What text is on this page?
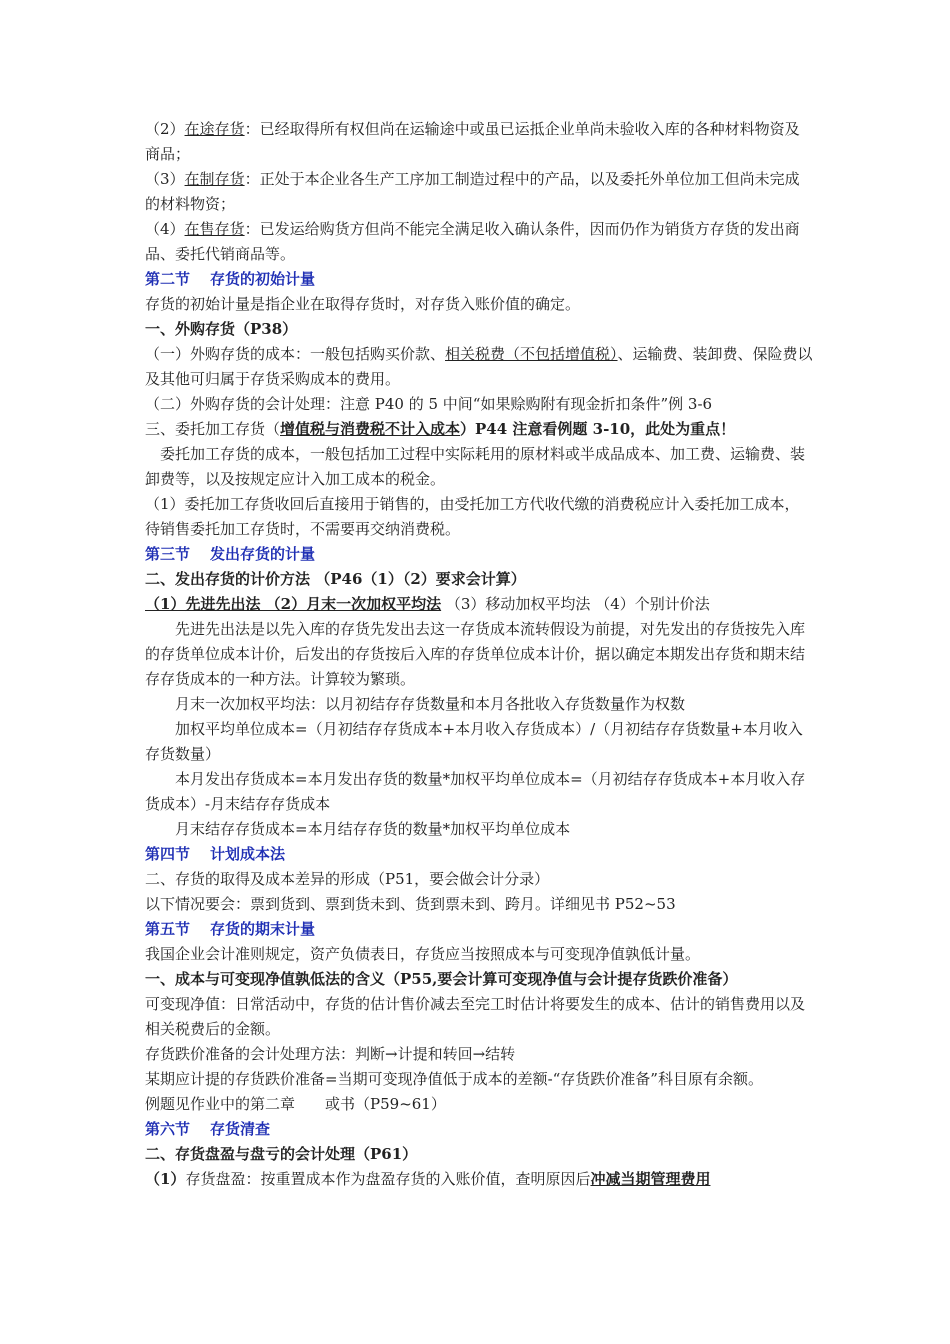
（2）在途存货：已经取得所有权但尚在运输途中或虽已运抵企业单尚未验收入库的各种材料物资及商品；

（3）在制存货：正处于本企业各生产工序加工制造过程中的产品，以及委托外单位加工但尚未完成的材料物资；

（4）在售存货：已发运给购货方但尚不能完全满足收入确认条件，因而仍作为销货方存货的发出商品、委托代销商品等。

第二节 存货的初始计量

存货的初始计量是指企业在取得存货时，对存货入账价值的确定。

一、外购存货（P38）

（一）外购存货的成本：一般包括购买价款、相关税费（不包括增值税）、运输费、装卸费、保险费以及其他可归属于存货采购成本的费用。

（二）外购存货的会计处理：注意 P40 的 5 中间“如果赊购附有现金折扣条件”例 3-6

三、委托加工存货（增值税与消费税不计入成本）P44 注意看例题 3-10，此处为重点！

委托加工存货的成本，一般包括加工过程中实际耗用的原材料或半成品成本、加工费、运输费、装卸费等，以及按规定应计入加工成本的税金。

（1）委托加工存货收回后直接用于销售的，由受托加工方代收代缴的消费税应计入委托加工成本，待销售委托加工存货时，不需要再交纳消费税。

第三节 发出存货的计量

二、发出存货的计价方法 （P46（1）（2）要求会计算）

（1）先进先出法 （2）月末一次加权平均法 （3）移动加权平均法 （4）个别计价法

先进先出法是以先入库的存货先发出去这一存货成本流转假设为前提，对先发出的存货按先入库的存货单位成本计价，后发出的存货按后入库的存货单位成本计价，据以确定本期发出存货和期末结存存货成本的一种方法。计算较为繁琐。

月末一次加权平均法：以月初结存存货数量和本月各批收入存货数量作为权数

加权平均单位成本=（月初结存存货成本+本月收入存货成本）/（月初结存存货数量+本月收入存货数量）

本月发出存货成本=本月发出存货的数量*加权平均单位成本=（月初结存存货成本+本月收入存货成本）-月末结存存货成本

月末结存存货成本=本月结存存货的数量*加权平均单位成本

第四节 计划成本法

二、存货的取得及成本差异的形成（P51，要会做会计分录）

以下情况要会：票到货到、票到货未到、货到票未到、跨月。详细见书 P52~53

第五节 存货的期末计量

我国企业会计准则规定，资产负债表日，存货应当按照成本与可变现净值孰低计量。

一、成本与可变现净值孰低法的含义（P55,要会计算可变现净值与会计提存货跌价准备）

可变现净值：日常活动中，存货的估计售价减去至完工时估计将要发生的成本、估计的销售费用以及相关税费后的金额。

存货跌价准备的会计处理方法：判断→计提和转回→结转

某期应计提的存货跌价准备=当期可变现净值低于成本的差额-“存货跌价准备”科目原有余额。

例题见作业中的第二章 或书（P59~61）

第六节 存货清查

二、存货盘盈与盘亏的会计处理（P61）

（1）存货盘盈：按重置成本作为盘盈存货的入账价值，查明原因后冲减当期管理费用
